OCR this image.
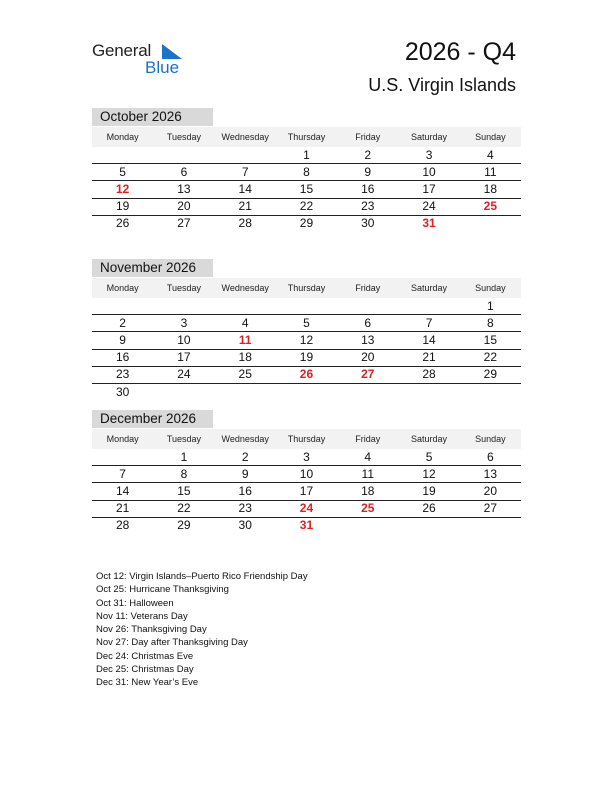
General
Blue
2026 - Q4
U.S. Virgin Islands
October 2026
Monday	Tuesday	Wednesday	Thursday	Friday	Saturday	Sunday
			1	2	3	4
5	6	7	8	9	10	11
12	13	14	15	16	17	18
19	20	21	22	23	24	25
26	27	28	29	30	31	
November 2026
Monday	Tuesday	Wednesday	Thursday	Friday	Saturday	Sunday
						1
2	3	4	5	6	7	8
9	10	11	12	13	14	15
16	17	18	19	20	21	22
23	24	25	26	27	28	29
30						
December 2026
Monday	Tuesday	Wednesday	Thursday	Friday	Saturday	Sunday
	1	2	3	4	5	6
7	8	9	10	11	12	13
14	15	16	17	18	19	20
21	22	23	24	25	26	27
28	29	30	31			
Oct 12: Virgin Islands–Puerto Rico Friendship Day
Oct 25: Hurricane Thanksgiving
Oct 31: Halloween
Nov 11: Veterans Day
Nov 26: Thanksgiving Day
Nov 27: Day after Thanksgiving Day
Dec 24: Christmas Eve
Dec 25: Christmas Day
Dec 31: New Year’s Eve
